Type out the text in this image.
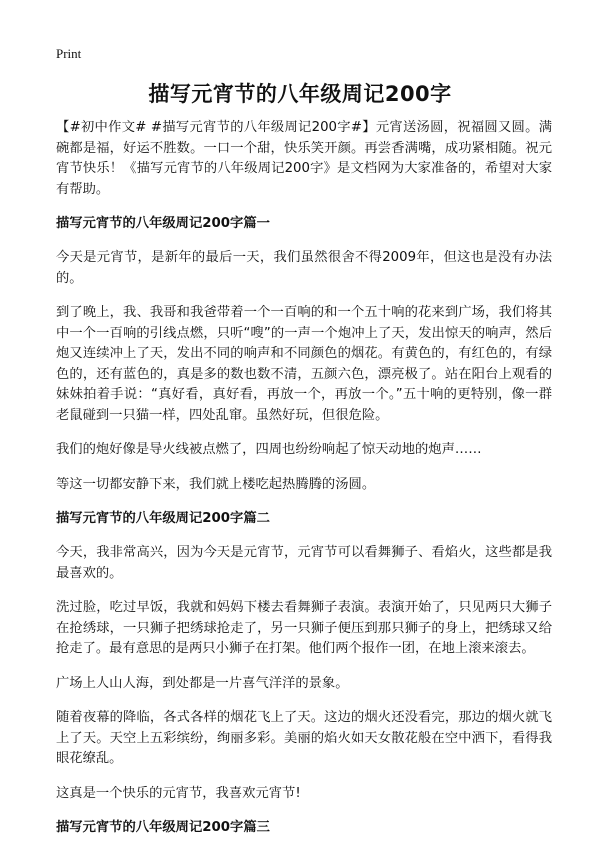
Print
描写元宵节的八年级周记200字

【#初中作文# #描写元宵节的八年级周记200字#】元宵送汤圆，祝福圆又圆。满碗都是福，好运不胜数。一口一个甜，快乐笑开颜。再尝香满嘴，成功紧相随。祝元宵节快乐！《描写元宵节的八年级周记200字》是文档网为大家准备的，希望对大家有帮助。

描写元宵节的八年级周记200字篇一

今天是元宵节，是新年的最后一天，我们虽然很舍不得2009年，但这也是没有办法的。

到了晚上，我、我哥和我爸带着一个一百响的和一个五十响的花来到广场，我们将其中一个一百响的引线点燃，只听“嗖”的一声一个炮冲上了天，发出惊天的响声，然后炮又连续冲上了天，发出不同的响声和不同颜色的烟花。有黄色的，有红色的，有绿色的，还有蓝色的，真是多的数也数不清，五颜六色，漂亮极了。站在阳台上观看的妹妹拍着手说：“真好看，真好看，再放一个，再放一个。”五十响的更特别，像一群老鼠碰到一只猫一样，四处乱窜。虽然好玩，但很危险。

我们的炮好像是导火线被点燃了，四周也纷纷响起了惊天动地的炮声……

等这一切都安静下来，我们就上楼吃起热腾腾的汤圆。

描写元宵节的八年级周记200字篇二

今天，我非常高兴，因为今天是元宵节，元宵节可以看舞狮子、看焰火，这些都是我最喜欢的。

洗过脸，吃过早饭，我就和妈妈下楼去看舞狮子表演。表演开始了，只见两只大狮子在抢绣球，一只狮子把绣球抢走了，另一只狮子便压到那只狮子的身上，把绣球又给抢走了。最有意思的是两只小狮子在打架。他们两个报作一团，在地上滚来滚去。

广场上人山人海，到处都是一片喜气洋洋的景象。

随着夜幕的降临，各式各样的烟花飞上了天。这边的烟火还没看完，那边的烟火就飞上了天。天空上五彩缤纷，绚丽多彩。美丽的焰火如天女散花般在空中洒下，看得我眼花缭乱。

这真是一个快乐的元宵节，我喜欢元宵节!

描写元宵节的八年级周记200字篇三
